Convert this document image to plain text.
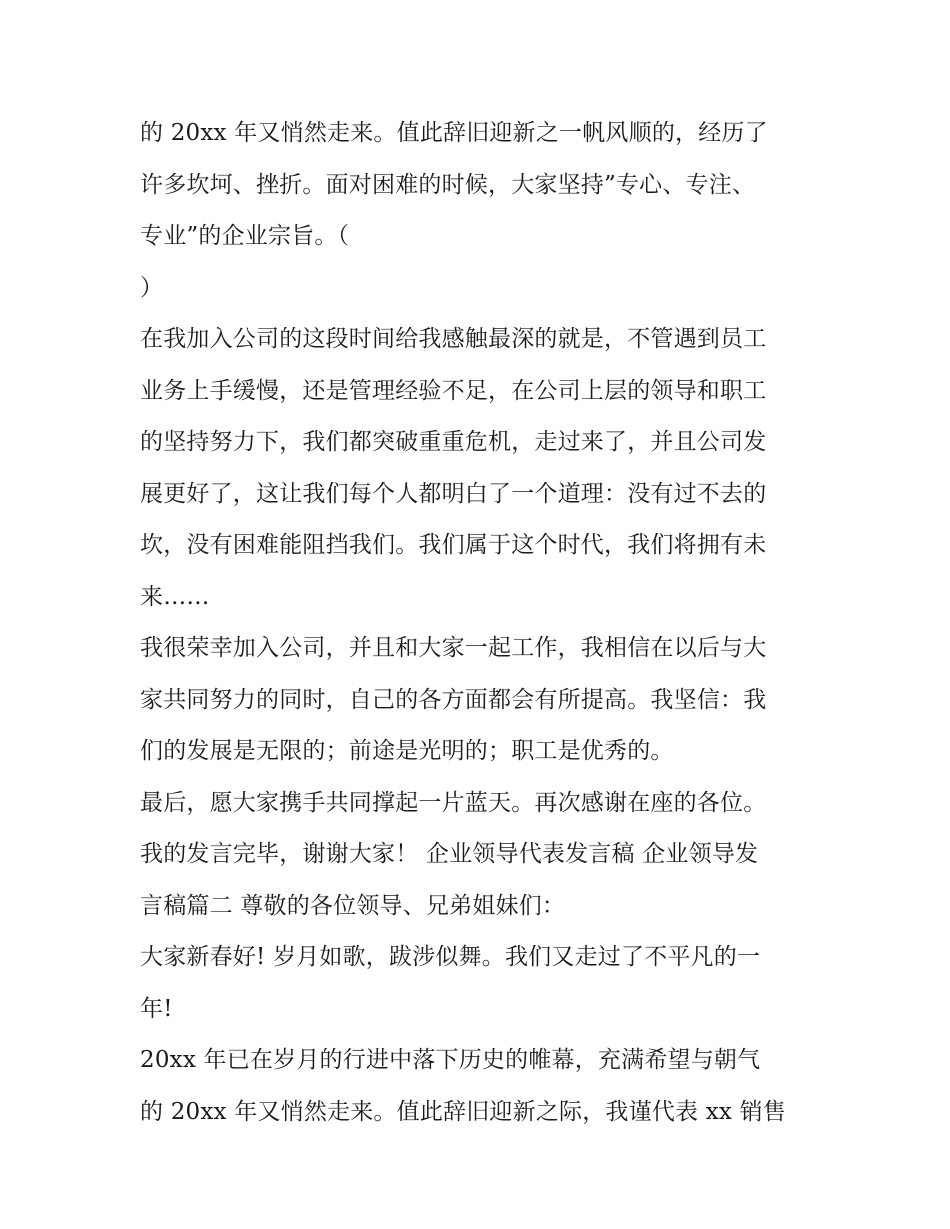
的 20xx 年又悄然走来。值此辞旧迎新之一帆风顺的，经历了
许多坎坷、挫折。面对困难的时候，大家坚持”专心、专注、
专业”的企业宗旨。（
）
在我加入公司的这段时间给我感触最深的就是，不管遇到员工
业务上手缓慢，还是管理经验不足，在公司上层的领导和职工
的坚持努力下，我们都突破重重危机，走过来了，并且公司发
展更好了，这让我们每个人都明白了一个道理：没有过不去的
坎，没有困难能阻挡我们。我们属于这个时代，我们将拥有未
来……
我很荣幸加入公司，并且和大家一起工作，我相信在以后与大
家共同努力的同时，自己的各方面都会有所提高。我坚信：我
们的发展是无限的；前途是光明的；职工是优秀的。
最后，愿大家携手共同撑起一片蓝天。再次感谢在座的各位。
我的发言完毕，谢谢大家！ 企业领导代表发言稿 企业领导发
言稿篇二 尊敬的各位领导、兄弟姐妹们：
大家新春好! 岁月如歌，跋涉似舞。我们又走过了不平凡的一
年!
20xx 年已在岁月的行进中落下历史的帷幕，充满希望与朝气
的 20xx 年又悄然走来。值此辞旧迎新之际，我谨代表 xx 销售
